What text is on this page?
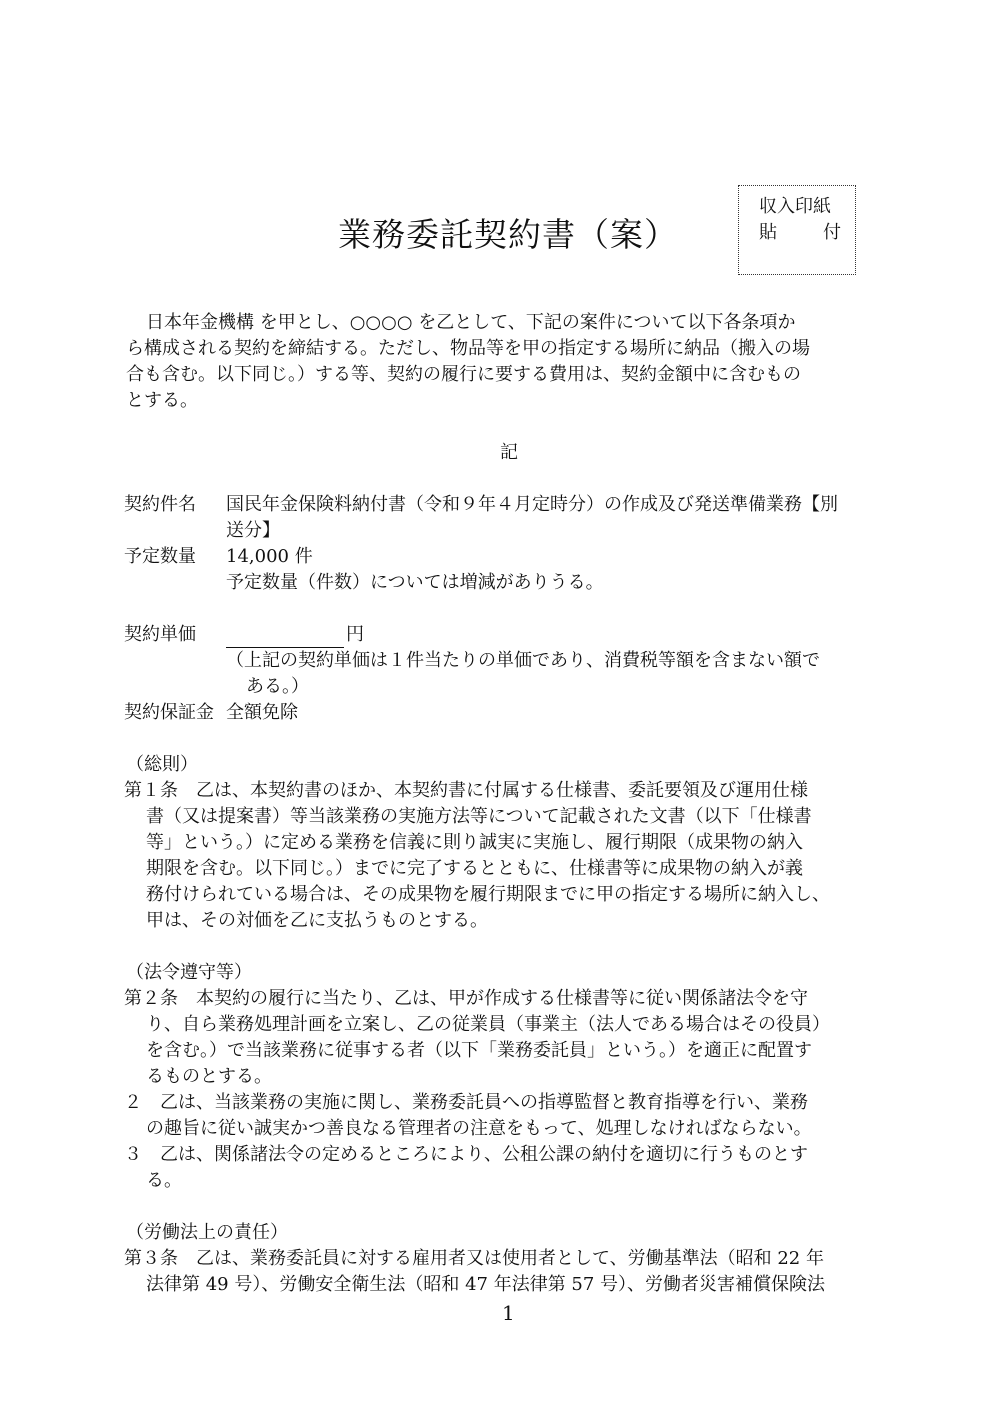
業務委託契約書（案）
収入印紙
貼	付
日本年金機構 を甲とし、○○○○ を乙として、下記の案件について以下各条項か
ら構成される契約を締結する。ただし、物品等を甲の指定する場所に納品（搬入の場
合も含む。以下同じ。）する等、契約の履行に要する費用は、契約金額中に含むもの
とする。
記
契約件名 国民年金保険料納付書（令和９年４月定時分）の作成及び発送準備業務【別
送分】
予定数量 14,000 件
予定数量（件数）については増減がありうる。
契約単価	円
（上記の契約単価は１件当たりの単価であり、消費税等額を含まない額で
ある。）
契約保証金 全額免除
（総則）
第１条　乙は、本契約書のほか、本契約書に付属する仕様書、委託要領及び運用仕様
書（又は提案書）等当該業務の実施方法等について記載された文書（以下「仕様書
等」という。）に定める業務を信義に則り誠実に実施し、履行期限（成果物の納入
期限を含む。以下同じ。）までに完了するとともに、仕様書等に成果物の納入が義
務付けられている場合は、その成果物を履行期限までに甲の指定する場所に納入し、
甲は、その対価を乙に支払うものとする。
（法令遵守等）
第２条　本契約の履行に当たり、乙は、甲が作成する仕様書等に従い関係諸法令を守
り、自ら業務処理計画を立案し、乙の従業員（事業主（法人である場合はその役員）
を含む。）で当該業務に従事する者（以下「業務委託員」という。）を適正に配置す
るものとする。
２　乙は、当該業務の実施に関し、業務委託員への指導監督と教育指導を行い、業務
の趣旨に従い誠実かつ善良なる管理者の注意をもって、処理しなければならない。
３　乙は、関係諸法令の定めるところにより、公租公課の納付を適切に行うものとす
る。
（労働法上の責任）
第３条　乙は、業務委託員に対する雇用者又は使用者として、労働基準法（昭和 22 年
法律第 49 号）、労働安全衛生法（昭和 47 年法律第 57 号）、労働者災害補償保険法
1
